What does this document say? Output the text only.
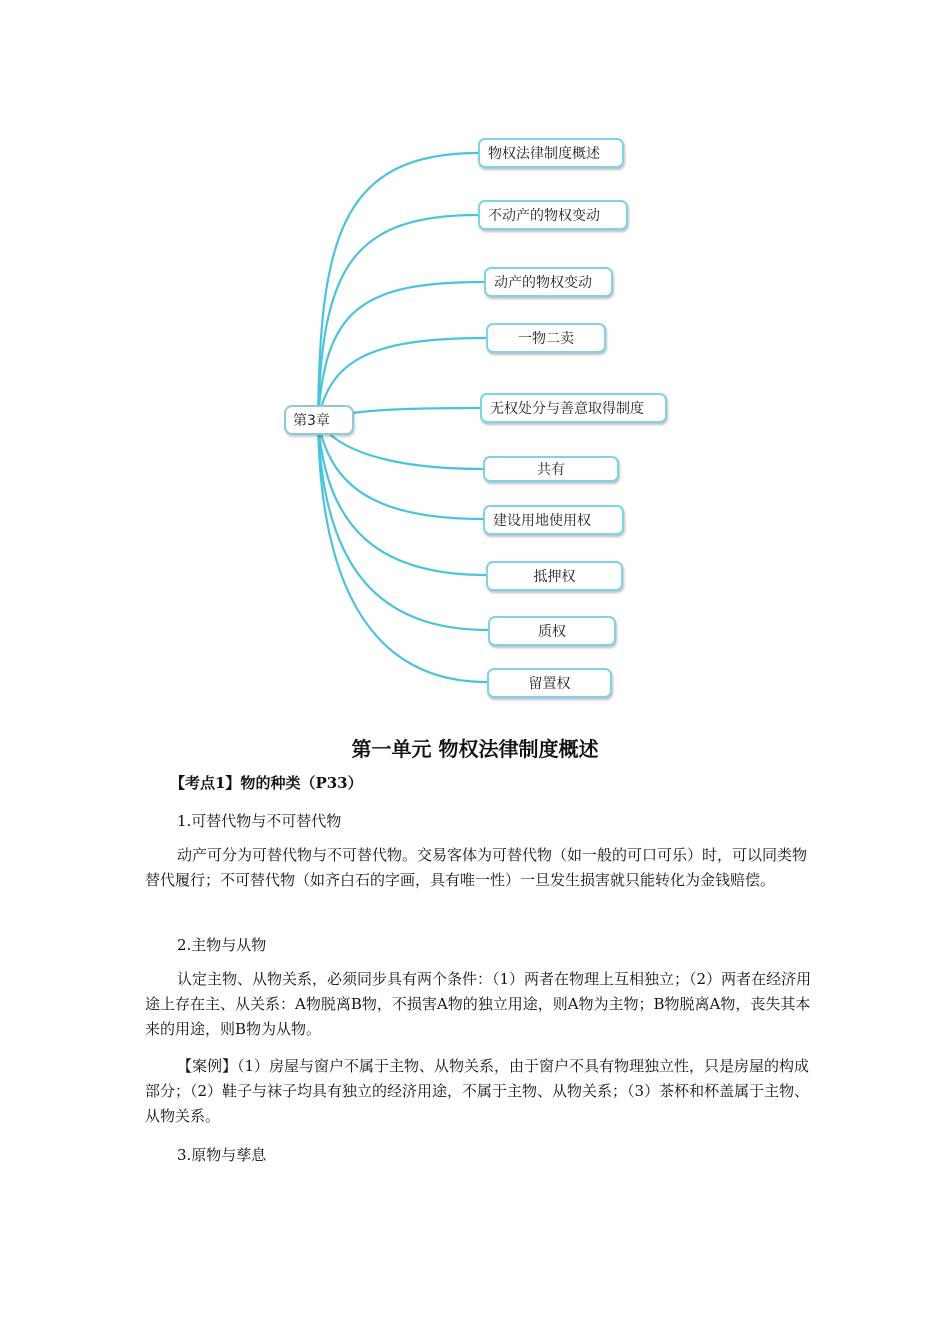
第3章
物权法律制度概述
不动产的物权变动
动产的物权变动
一物二卖
无权处分与善意取得制度
共有
建设用地使用权
抵押权
质权
留置权
第一单元 物权法律制度概述
【考点1】物的种类（P33）
1.可替代物与不可替代物
动产可分为可替代物与不可替代物。交易客体为可替代物（如一般的可口可乐）时，可以同类物替代履行；不可替代物（如齐白石的字画，具有唯一性）一旦发生损害就只能转化为金钱赔偿。
2.主物与从物
认定主物、从物关系，必须同步具有两个条件：（1）两者在物理上互相独立；（2）两者在经济用途上存在主、从关系：A物脱离B物，不损害A物的独立用途，则A物为主物；B物脱离A物，丧失其本来的用途，则B物为从物。
【案例】（1）房屋与窗户不属于主物、从物关系，由于窗户不具有物理独立性，只是房屋的构成部分；（2）鞋子与袜子均具有独立的经济用途，不属于主物、从物关系；（3）茶杯和杯盖属于主物、从物关系。
3.原物与孳息
